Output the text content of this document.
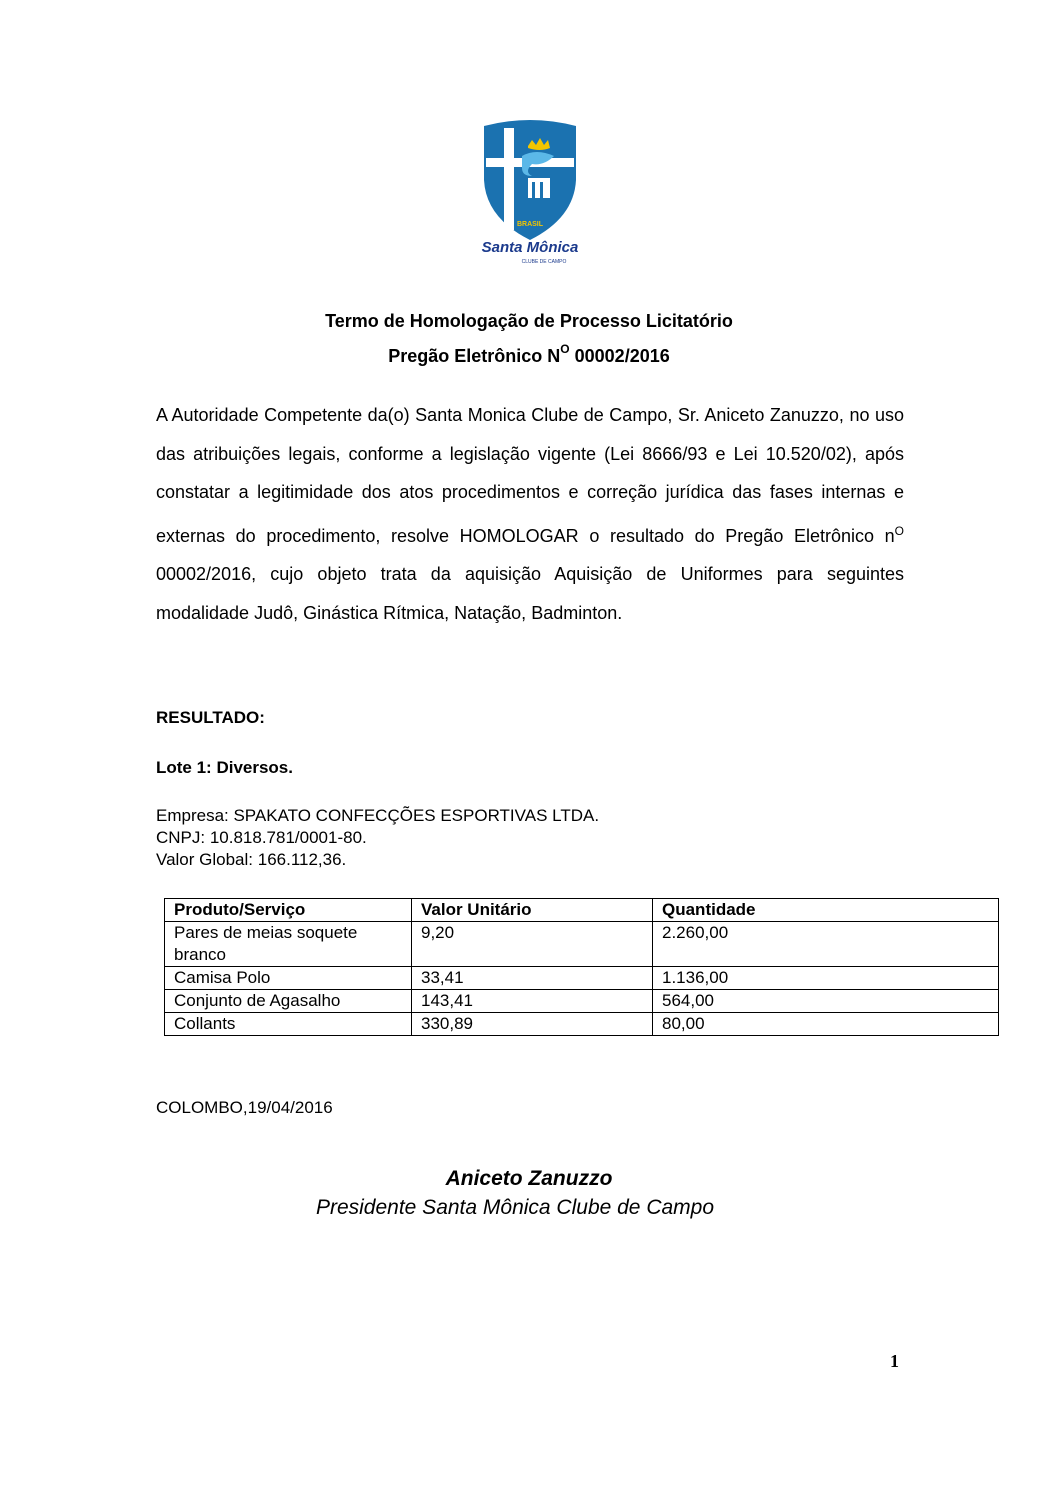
BRASIL
Santa Mônica
CLUBE DE CAMPO
Termo de Homologação de Processo Licitatório
Pregão Eletrônico $N^O$ 00002/2016
A Autoridade Competente da(o) Santa Monica Clube de Campo, Sr. Aniceto Zanuzzo, no uso das atribuições legais, conforme a legislação vigente (Lei 8666/93 e Lei 10.520/02), após constatar a legitimidade dos atos procedimentos e correção jurídica das fases internas e externas do procedimento, resolve HOMOLOGAR o resultado do Pregão Eletrônico $n^O$ 00002/2016, cujo objeto trata da aquisição Aquisição de Uniformes para seguintes modalidade Judô, Ginástica Rítmica, Natação, Badminton.
RESULTADO:
Lote 1: Diversos.
Empresa: SPAKATO CONFECÇÕES ESPORTIVAS LTDA.
CNPJ: 10.818.781/0001-80.
Valor Global: 166.112,36.
Produto/Serviço	Valor Unitário	Quantidade
Pares de meias soquete branco	9,20	2.260,00
Camisa Polo	33,41	1.136,00
Conjunto de Agasalho	143,41	564,00
Collants	330,89	80,00
COLOMBO,19/04/2016
Aniceto Zanuzzo
Presidente Santa Mônica Clube de Campo
1
